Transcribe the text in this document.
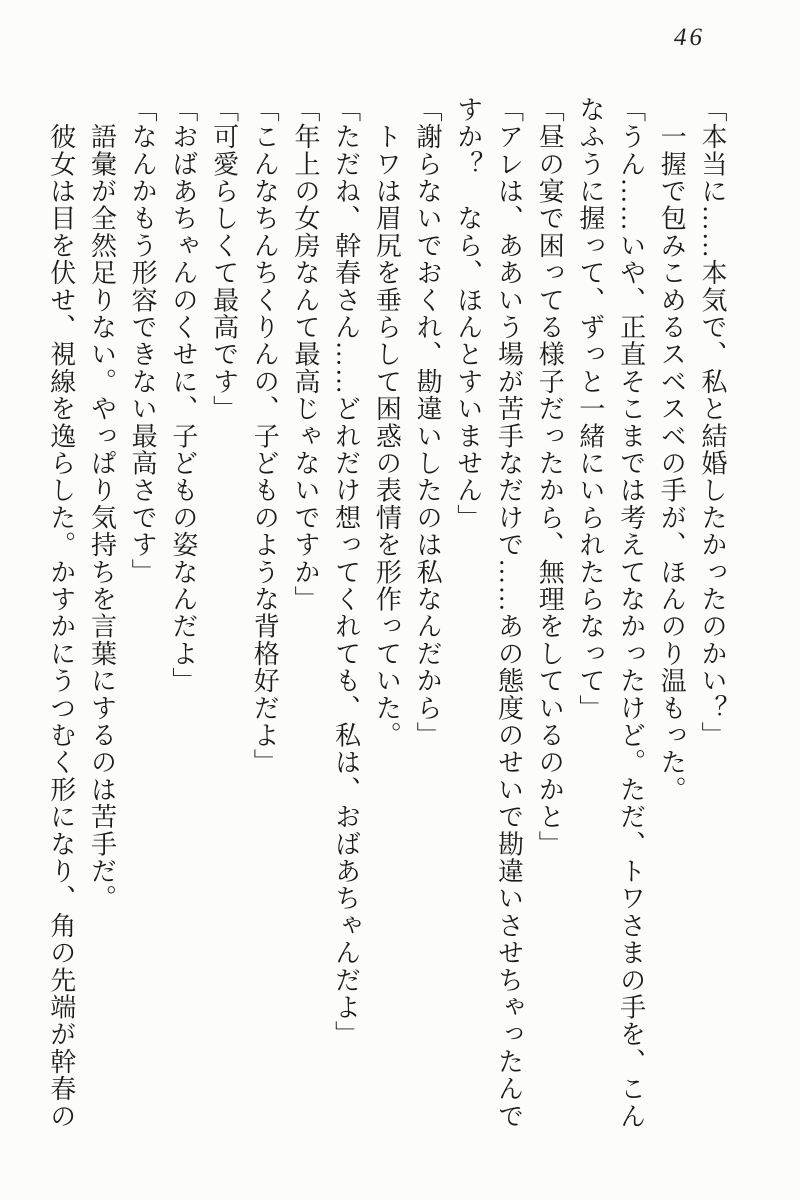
46

「本当に……本気で、私と結婚したかったのかい？」

　一握で包みこめるスベスベの手が、ほんのり温もった。

「うん……いや、正直そこまでは考えてなかったけど。ただ、トワさまの手を、こん

なふうに握って、ずっと一緒にいられたらなって」

「昼の宴で困ってる様子だったから、無理をしているのかと」

「アレは、ああいう場が苦手なだけで……あの態度のせいで勘違いさせちゃったんで

すか？　なら、ほんとすいません」

「謝らないでおくれ、勘違いしたのは私なんだから」

　トワは眉尻を垂らして困惑の表情を形作っていた。

「ただね、幹春さん……どれだけ想ってくれても、私は、おばあちゃんだよ」

「年上の女房なんて最高じゃないですか」

「こんなちんちくりんの、子どものような背格好だよ」

「可愛らしくて最高です」

「おばあちゃんのくせに、子どもの姿なんだよ」

「なんかもう形容できない最高さです」

　語彙が全然足りない。やっぱり気持ちを言葉にするのは苦手だ。

　彼女は目を伏せ、視線を逸らした。かすかにうつむく形になり、角の先端が幹春の
